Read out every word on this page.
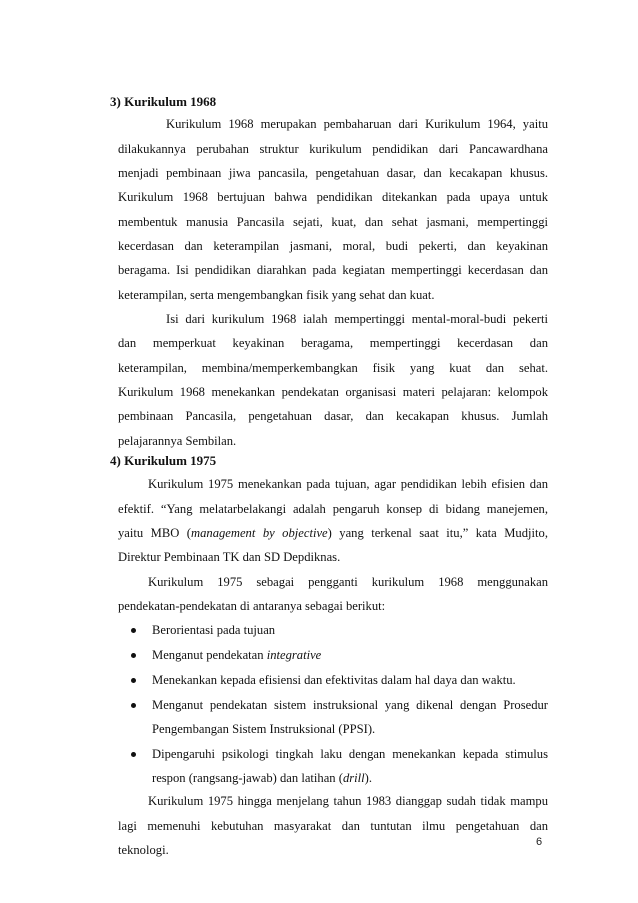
3) Kurikulum 1968
Kurikulum 1968 merupakan pembaharuan dari Kurikulum 1964, yaitu
dilakukannya perubahan struktur kurikulum pendidikan dari Pancawardhana
menjadi pembinaan jiwa pancasila, pengetahuan dasar, dan kecakapan khusus.
Kurikulum 1968 bertujuan bahwa pendidikan ditekankan pada upaya untuk
membentuk manusia Pancasila sejati, kuat, dan sehat jasmani, mempertinggi
kecerdasan dan keterampilan jasmani, moral, budi pekerti, dan keyakinan
beragama. Isi pendidikan diarahkan pada kegiatan mempertinggi kecerdasan dan
keterampilan, serta mengembangkan fisik yang sehat dan kuat.
Isi dari kurikulum 1968 ialah mempertinggi mental-moral-budi pekerti
dan memperkuat keyakinan beragama, mempertinggi kecerdasan dan
keterampilan, membina/memperkembangkan fisik yang kuat dan sehat.
Kurikulum 1968 menekankan pendekatan organisasi materi pelajaran: kelompok
pembinaan Pancasila, pengetahuan dasar, dan kecakapan khusus. Jumlah
pelajarannya Sembilan.
4) Kurikulum 1975
Kurikulum 1975 menekankan pada tujuan, agar pendidikan lebih efisien dan
efektif. “Yang melatarbelakangi adalah pengaruh konsep di bidang manejemen,
yaitu MBO (management by objective) yang terkenal saat itu,” kata Mudjito,
Direktur Pembinaan TK dan SD Depdiknas.
Kurikulum 1975 sebagai pengganti kurikulum 1968 menggunakan
pendekatan-pendekatan di antaranya sebagai berikut:
Berorientasi pada tujuan
Menganut pendekatan integrative
Menekankan kepada efisiensi dan efektivitas dalam hal daya dan waktu.
Menganut pendekatan sistem instruksional yang dikenal dengan Prosedur
Pengembangan Sistem Instruksional (PPSI).
Dipengaruhi psikologi tingkah laku dengan menekankan kepada stimulus
respon (rangsang-jawab) dan latihan (drill).
Kurikulum 1975 hingga menjelang tahun 1983 dianggap sudah tidak mampu
lagi memenuhi kebutuhan masyarakat dan tuntutan ilmu pengetahuan dan
teknologi.
6
